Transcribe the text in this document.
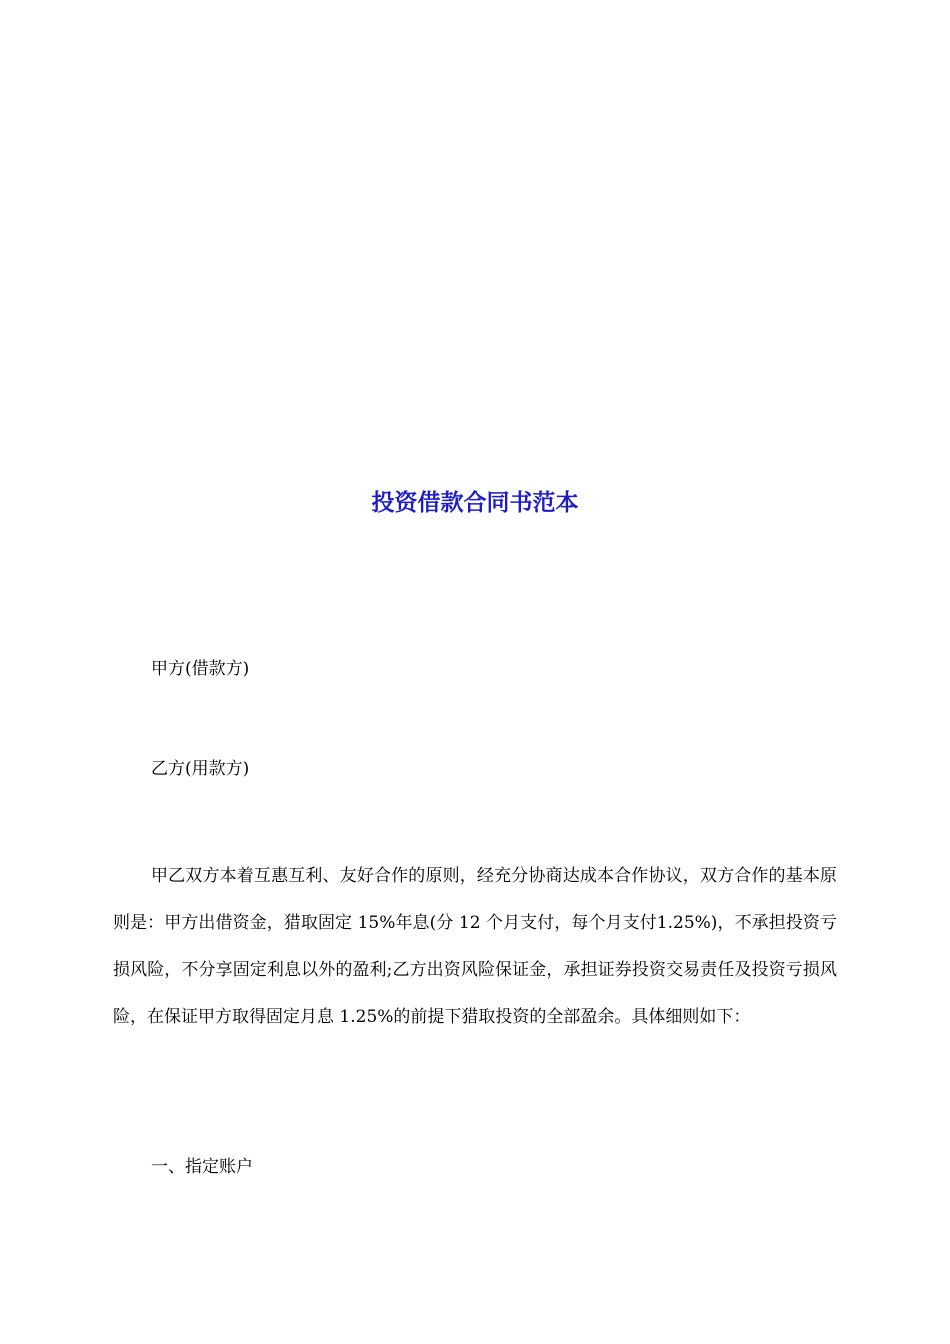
投资借款合同书范本

甲方(借款方)

乙方(用款方)

甲乙双方本着互惠互利、友好合作的原则，经充分协商达成本合作协议，双方合作的基本原则是：甲方出借资金，猎取固定 15%年息(分 12 个月支付，每个月支付1.25%)，不承担投资亏损风险，不分享固定利息以外的盈利;乙方出资风险保证金，承担证券投资交易责任及投资亏损风险，在保证甲方取得固定月息 1.25%的前提下猎取投资的全部盈余。具体细则如下：

一、指定账户
